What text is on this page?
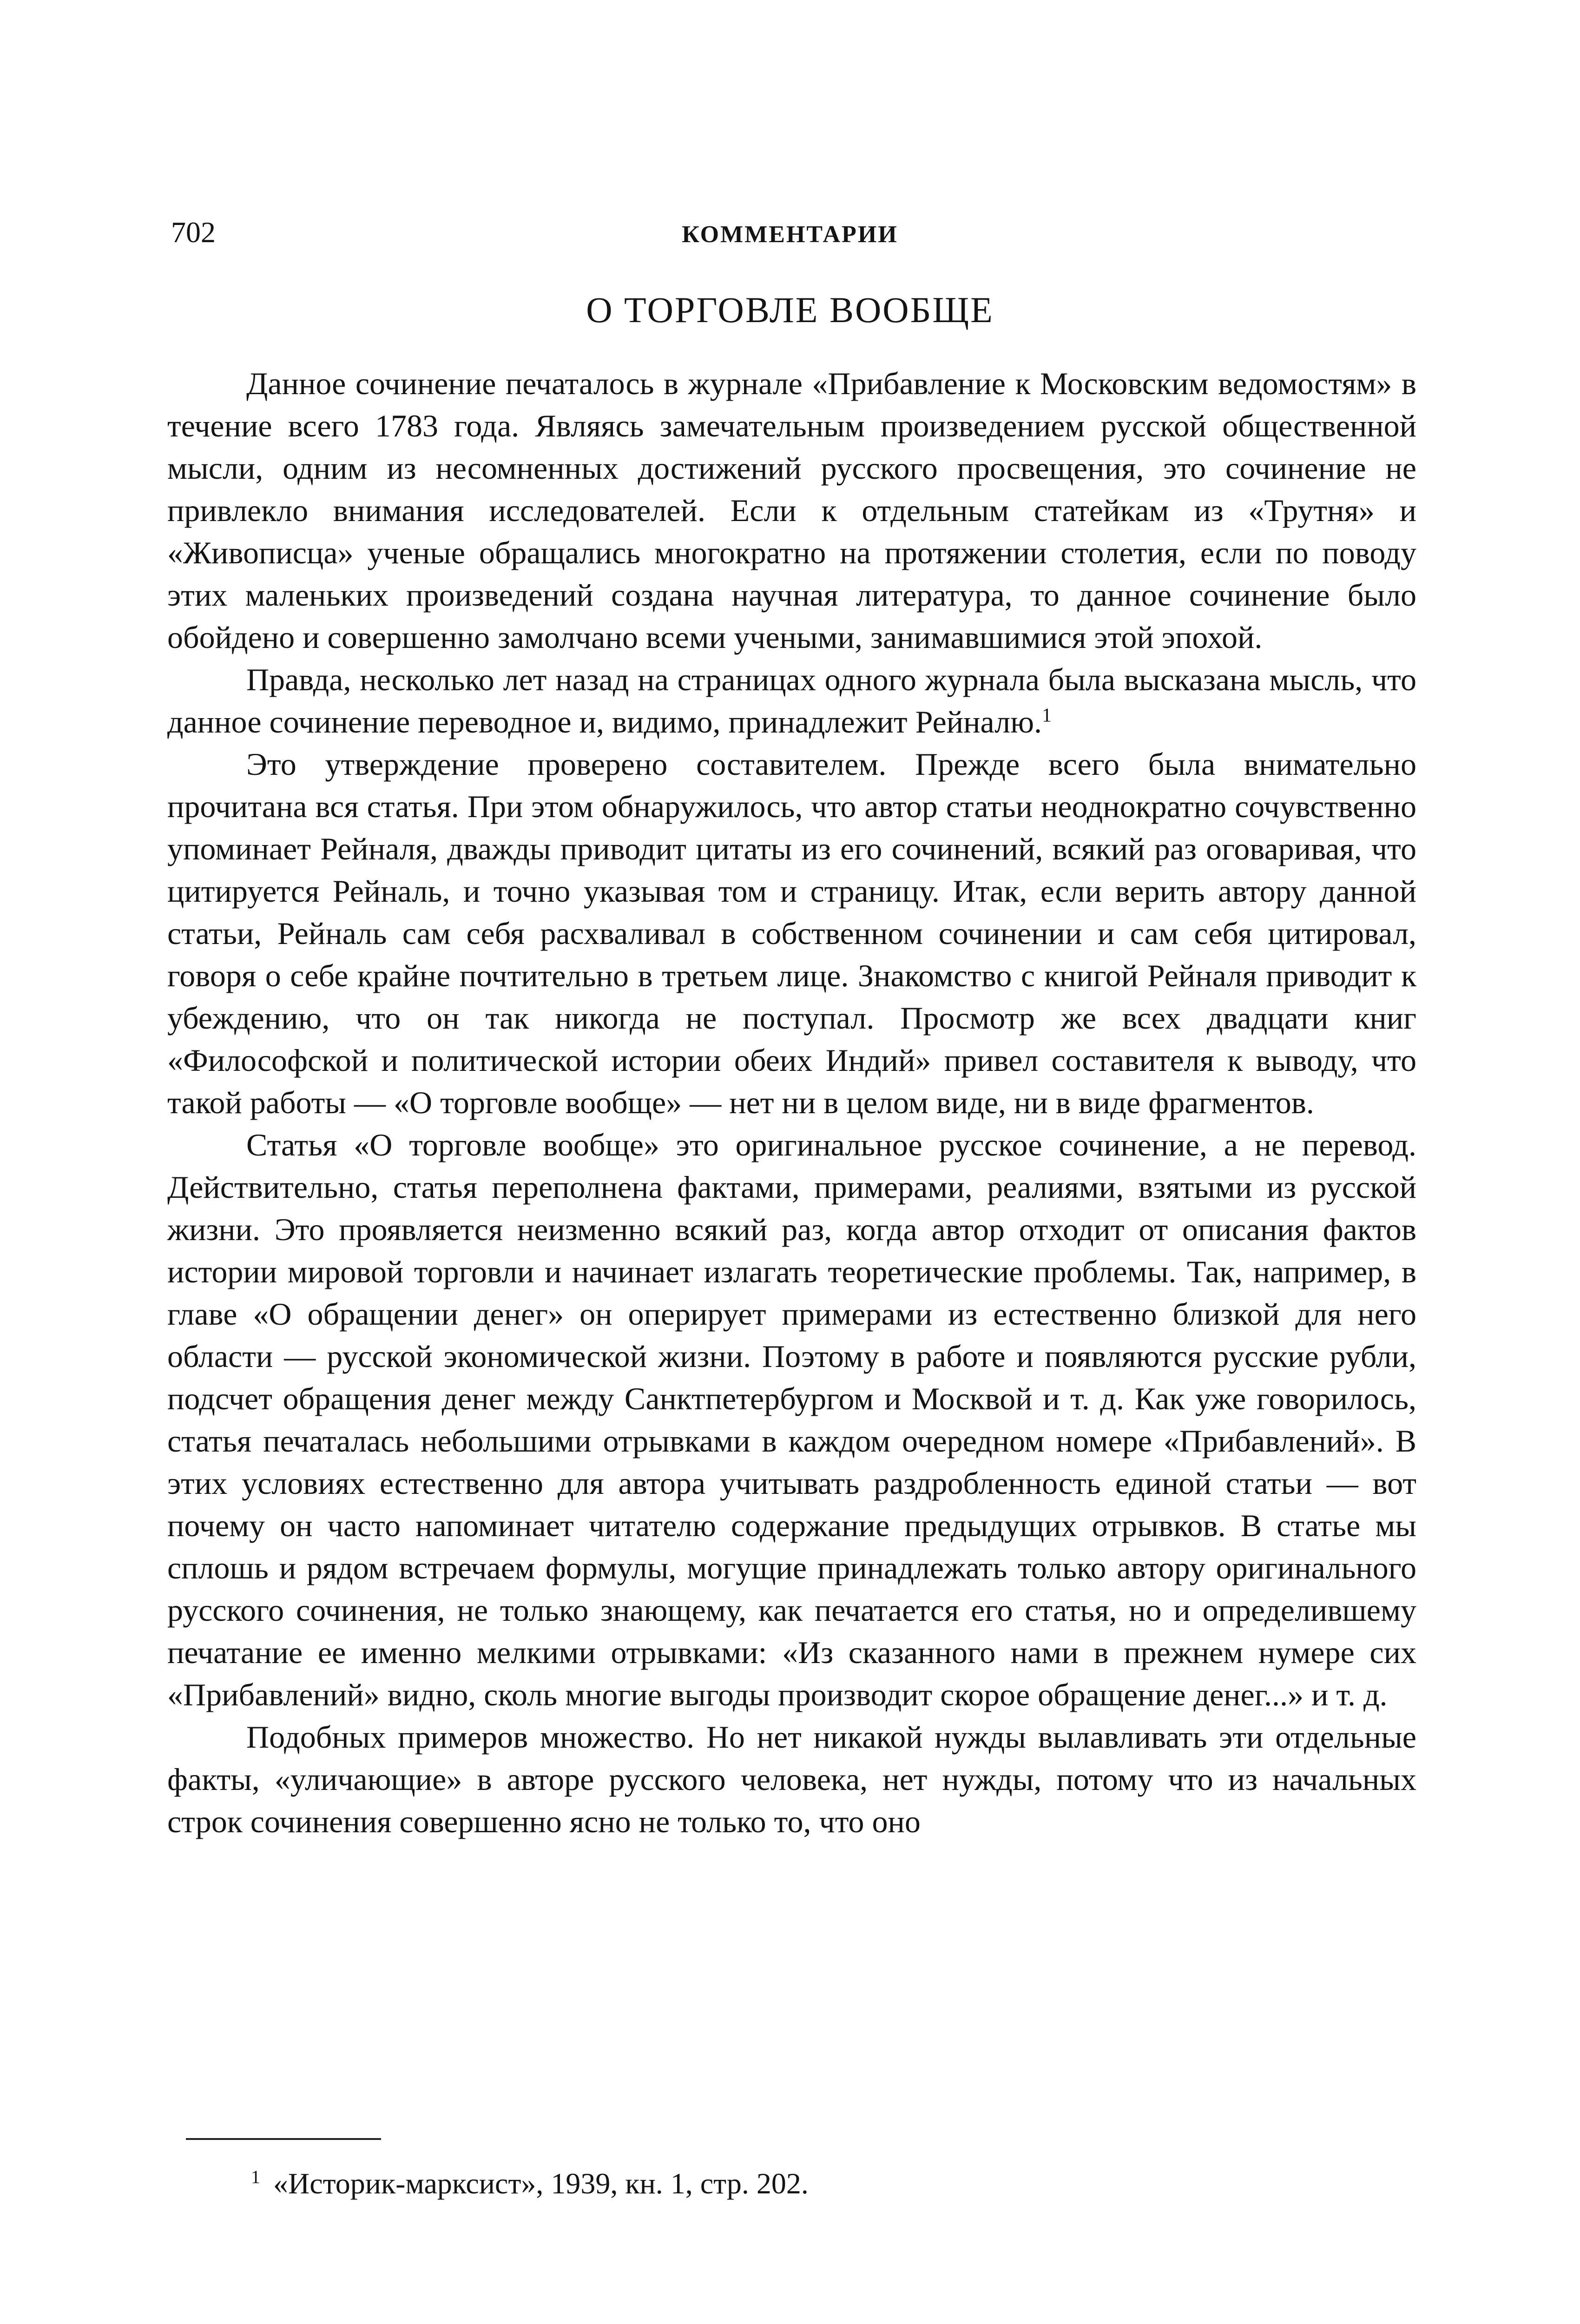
702	КОММЕНТАРИИ
О ТОРГОВЛЕ ВООБЩЕ

Данное сочинение печаталось в журнале «Прибавление к Московским ведомостям» в течение всего 1783 года. Являясь замечательным произведением русской общественной мысли, одним из несомненных достижений русского просвещения, это сочинение не привлекло внимания исследователей. Если к отдельным статейкам из «Трутня» и «Живописца» ученые обращались многократно на протяжении столетия, если по поводу этих маленьких произведений создана научная литература, то данное сочинение было обойдено и совершенно замолчано всеми учеными, занимавшимися этой эпохой.

Правда, несколько лет назад на страницах одного журнала была высказана мысль, что данное сочинение переводное и, видимо, принадлежит Рейналю.$^1$

Это утверждение проверено составителем. Прежде всего была внимательно прочитана вся статья. При этом обнаружилось, что автор статьи неоднократно сочувственно упоминает Рейналя, дважды приводит цитаты из его сочинений, всякий раз оговаривая, что цитируется Рейналь, и точно указывая том и страницу. Итак, если верить автору данной статьи, Рейналь сам себя расхваливал в собственном сочинении и сам себя цитировал, говоря о себе крайне почтительно в третьем лице. Знакомство с книгой Рейналя приводит к убеждению, что он так никогда не поступал. Просмотр же всех двадцати книг «Философской и политической истории обеих Индий» привел составителя к выводу, что такой работы — «О торговле вообще» — нет ни в целом виде, ни в виде фрагментов.

Статья «О торговле вообще» это оригинальное русское сочинение, а не перевод. Действительно, статья переполнена фактами, примерами, реалиями, взятыми из русской жизни. Это проявляется неизменно всякий раз, когда автор отходит от описания фактов истории мировой торговли и начинает излагать теоретические проблемы. Так, например, в главе «О обращении денег» он оперирует примерами из естественно близкой для него области — русской экономической жизни. Поэтому в работе и появляются русские рубли, подсчет обращения денег между Санктпетербургом и Москвой и т. д. Как уже говорилось, статья печаталась небольшими отрывками в каждом очередном номере «Прибавлений». В этих условиях естественно для автора учитывать раздробленность единой статьи — вот почему он часто напоминает читателю содержание предыдущих отрывков. В статье мы сплошь и рядом встречаем формулы, могущие принадлежать только автору оригинального русского сочинения, не только знающему, как печатается его статья, но и определившему печатание ее именно мелкими отрывками: «Из сказанного нами в прежнем нумере сих «Прибавлений» видно, сколь многие выгоды производит скорое обращение денег...» и т. д.

Подобных примеров множество. Но нет никакой нужды вылавливать эти отдельные факты, «уличающие» в авторе русского человека, нет нужды, потому что из начальных строк сочинения совершенно ясно не только то, что оно

$^1$ «Историк-марксист», 1939, кн. 1, стр. 202.
